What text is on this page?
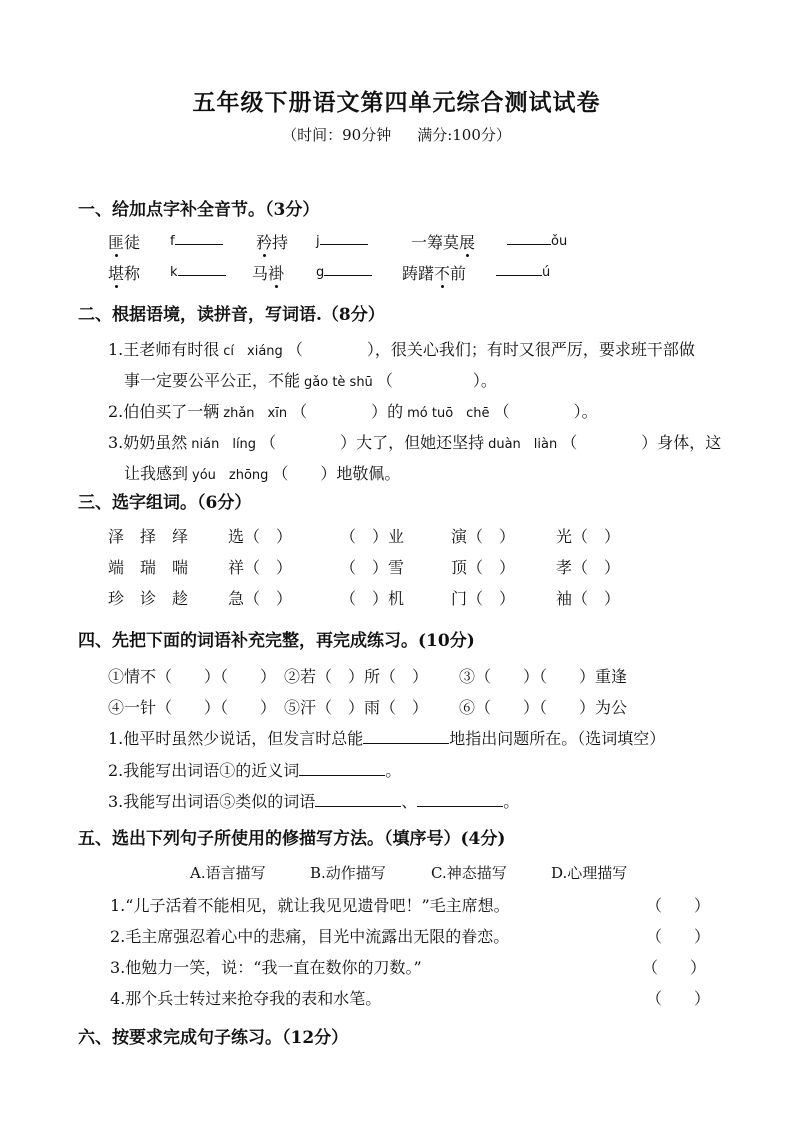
五年级下册语文第四单元综合测试试卷
（时间：90分钟 满分:100分）
一、给加点字补全音节。（3分）
匪徒 f	矜持 j	一筹莫展	ǒu
堪称 k	马褂 g	踌躇不前	ú
二、根据语境，读拼音，写词语.（8分）
1.王老师有时很 cí　xiáng （　　　　），很关心我们；有时又很严厉，要求班干部做
事一定要公平公正，不能 gǎo tè shū （　　　　　）。
2.伯伯买了一辆 zhǎn　xīn （　　　　）的 mó tuō　chē （　　　　）。
3.奶奶虽然 nián　líng （　　　　）大了，但她还坚持 duàn　liàn （　　　　）身体，这
让我感到 yóu　zhōng （　　）地敬佩。
三、选字组词。（6分）
泽　择　绎 选（　）	（　）业	演（　）	光（　）
端　瑞　喘 祥（　）	（　）雪	顶（　）	孝（　）
珍　诊　趁 急（　）	（　）机	门（　）	袖（　）
四、先把下面的词语补充完整，再完成练习。(10分)
①情不（　　）（　　） ②若（　）所（　） ③（　　）（　　）重逢
④一针（　　）（　　） ⑤汗（　）雨（　） ⑥（　　）（　　）为公
1.他平时虽然少说话，但发言时总能	地指出问题所在。（选词填空）
2.我能写出词语①的近义词	。
3.我能写出词语⑤类似的词语	、	。
五、选出下列句子所使用的修描写方法。（填序号）(4分)
A.语言描写	B.动作描写	C.神态描写	D.心理描写
1.“儿子活着不能相见，就让我见见遗骨吧！”毛主席想。	（　　）
2.毛主席强忍着心中的悲痛，目光中流露出无限的眷恋。	（　　）
3.他勉力一笑，说：“我一直在数你的刀数。”	（　　）
4.那个兵士转过来抢夺我的表和水笔。	（　　）
六、按要求完成句子练习。（12分）
